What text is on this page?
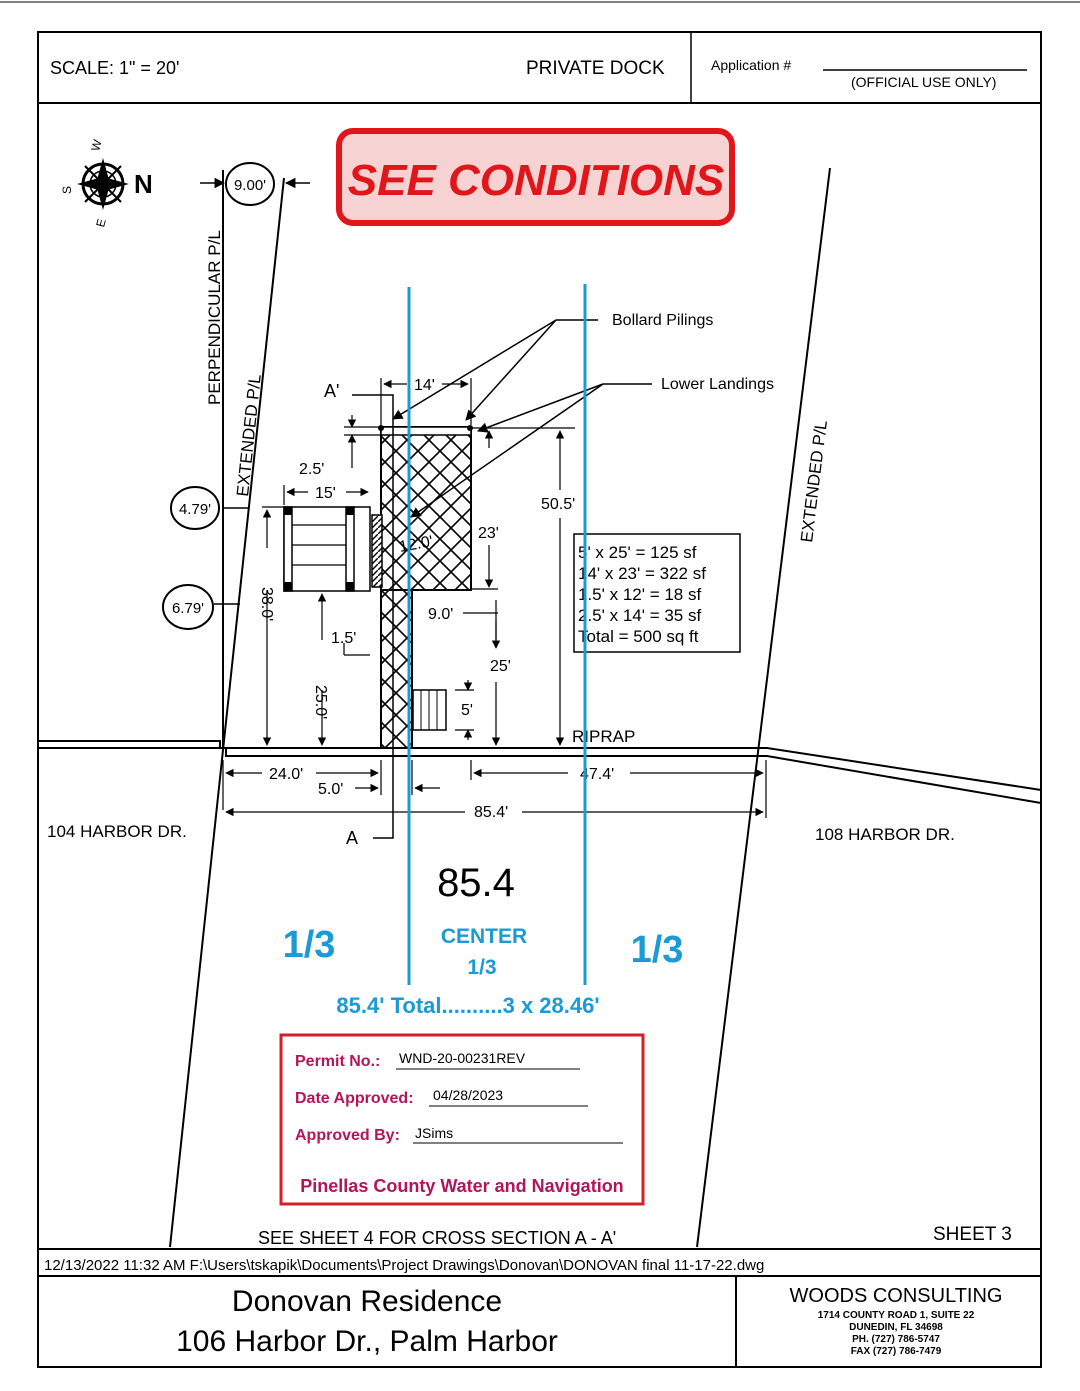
SCALE: 1" = 20'	PRIVATE DOCK	Application #
(OFFICIAL USE ONLY)
SEE CONDITIONS
N
S
W
E
PERPENDICULAR P/L
EXTENDED P/L	EXTENDED P/L
9.00'
4.79'
6.79'
RIPRAP
A'
A
Bollard Pilings
Lower Landings
14'
2.5'
15'
12.0'	23'
50.5'
38.0'	9.0'
1.5'
25.0'
25'
5'
24.0'
5.0'
47.4'
85.4'
5' x 25' = 125 sf
14' x 23' = 322 sf
1.5' x 12' = 18 sf
2.5' x 14' = 35 sf
Total = 500 sq ft
104 HARBOR DR.	108 HARBOR DR.
85.4
1/3	CENTER
1/3	1/3
85.4' Total..........3 x 28.46'
Permit No.: WND-20-00231REV
Date Approved: 04/28/2023
Approved By: JSims
Pinellas County Water and Navigation
SEE SHEET 4 FOR CROSS SECTION A - A'	SHEET 3
12/13/2022 11:32 AM F:\Users\tskapik\Documents\Project Drawings\Donovan\DONOVAN final 11-17-22.dwg
Donovan Residence
106 Harbor Dr., Palm Harbor
WOODS CONSULTING
1714 COUNTY ROAD 1, SUITE 22
DUNEDIN, FL 34698
PH. (727) 786-5747
FAX (727) 786-7479
